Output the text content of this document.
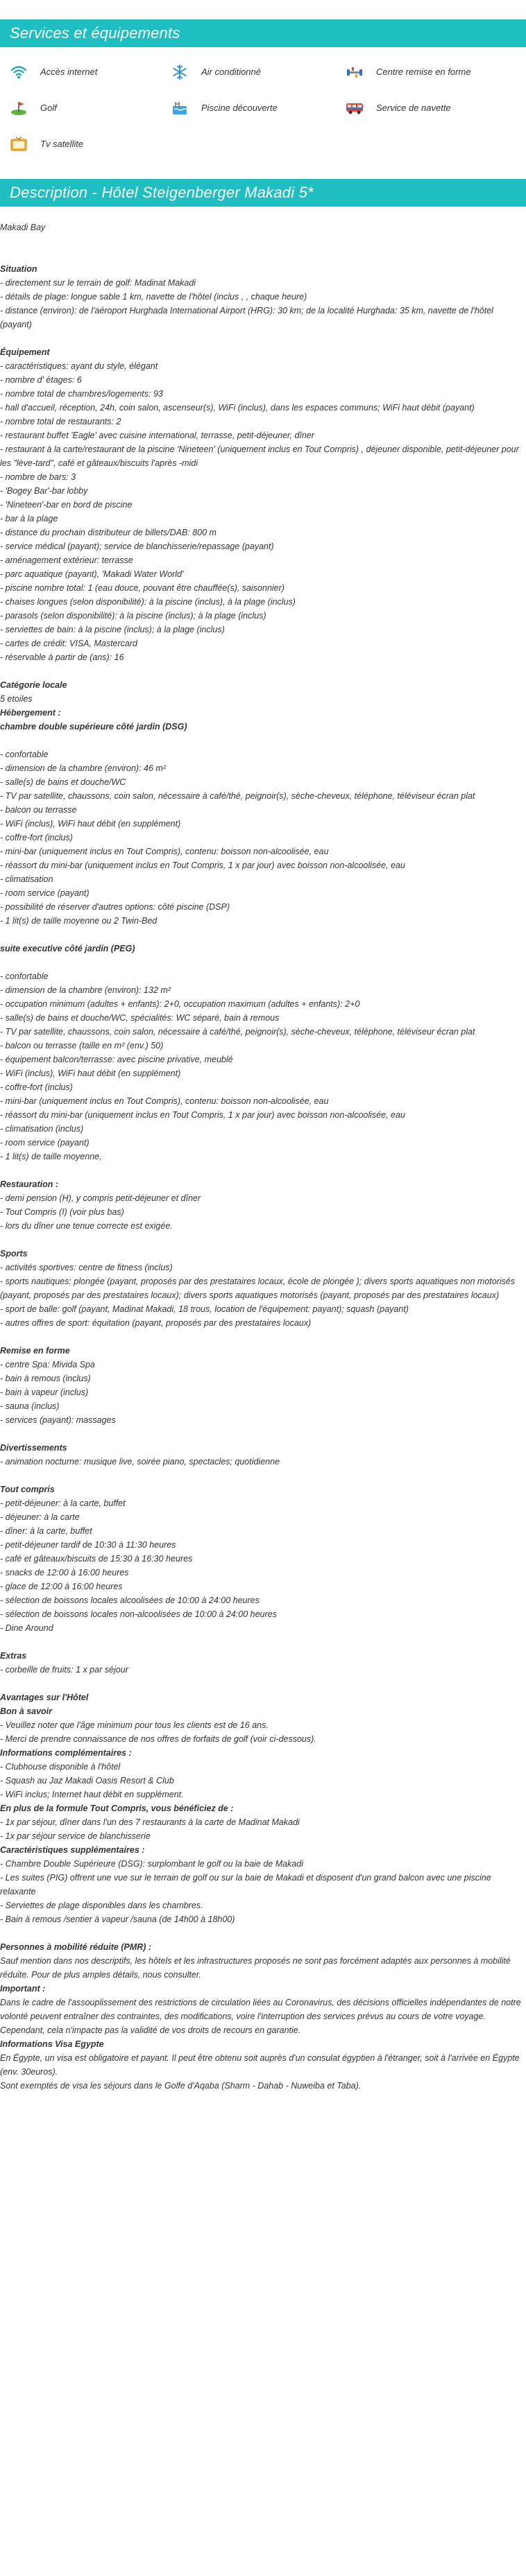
Services et équipements
Accès internet	Air conditionné	Centre remise en forme
Golf	Piscine découverte	Service de navette
Tv satellite
Description - Hôtel Steigenberger Makadi 5*

Makadi Bay

Situation

- directement sur le terrain de golf: Madinat Makadi

- détails de plage: longue sable 1 km, navette de l'hôtel (inclus , , chaque heure)

- distance (environ): de l'aéroport Hurghada International Airport (HRG): 30 km; de la localité Hurghada: 35 km, navette de l'hôtel (payant)

Équipement

- caractéristiques: ayant du style, élégant

- nombre d' étages: 6

- nombre total de chambres/logements: 93

- hall d'accueil, réception, 24h, coin salon, ascenseur(s), WiFi (inclus), dans les espaces communs; WiFi haut débit (payant)

- nombre total de restaurants: 2

- restaurant buffet 'Eagle' avec cuisine international, terrasse, petit-déjeuner, dîner

- restaurant à la carte/restaurant de la piscine 'Nineteen' (uniquement inclus en Tout Compris) , déjeuner disponible, petit-déjeuner pour les "lève-tard", café et gâteaux/biscuits l'après -midi

- nombre de bars: 3

- 'Bogey Bar'-bar lobby

- 'Nineteen'-bar en bord de piscine

- bar à la plage

- distance du prochain distributeur de billets/DAB: 800 m

- service médical (payant); service de blanchisserie/repassage (payant)

- aménagement extérieur: terrasse

- parc aquatique (payant), 'Makadi Water World'

- piscine nombre total: 1 (eau douce, pouvant être chauffée(s), saisonnier)

- chaises longues (selon disponibilité): à la piscine (inclus), à la plage (inclus)

- parasols (selon disponibilité): à la piscine (inclus); à la plage (inclus)

- serviettes de bain: à la piscine (inclus); à la plage (inclus)

- cartes de crédit: VISA, Mastercard

- réservable à partir de (ans): 16

Catégorie locale

5 etoiles

Hébergement :

chambre double supérieure côté jardin (DSG)

- confortable

- dimension de la chambre (environ): 46 m²

- salle(s) de bains et douche/WC

- TV par satellite, chaussons, coin salon, nécessaire à café/thé, peignoir(s), sèche-cheveux, téléphone, téléviseur écran plat

- balcon ou terrasse

- WiFi (inclus), WiFi haut débit (en supplément)

- coffre-fort (inclus)

- mini-bar (uniquement inclus en Tout Compris), contenu: boisson non-alcoolisée, eau

- réassort du mini-bar (uniquement inclus en Tout Compris, 1 x par jour) avec boisson non-alcoolisée, eau

- climatisation

- room service (payant)

- possibilité de réserver d'autres options: côté piscine (DSP)

- 1 lit(s) de taille moyenne ou 2 Twin-Bed

suite executive côté jardin (PEG)

- confortable

- dimension de la chambre (environ): 132 m²

- occupation minimum (adultes + enfants): 2+0, occupation maximum (adultes + enfants): 2+0

- salle(s) de bains et douche/WC, spécialités: WC séparé, bain à remous

- TV par satellite, chaussons, coin salon, nécessaire à café/thé, peignoir(s), sèche-cheveux, téléphone, téléviseur écran plat

- balcon ou terrasse (taille en m² (env.) 50)

- équipement balcon/terrasse: avec piscine privative, meublé

- WiFi (inclus), WiFi haut débit (en supplément)

- coffre-fort (inclus)

- mini-bar (uniquement inclus en Tout Compris), contenu: boisson non-alcoolisée, eau

- réassort du mini-bar (uniquement inclus en Tout Compris, 1 x par jour) avec boisson non-alcoolisée, eau

- climatisation (inclus)

- room service (payant)

- 1 lit(s) de taille moyenne,

Restauration :

- demi pension (H), y compris petit-déjeuner et dîner

- Tout Compris (I) (voir plus bas)

- lors du dîner une tenue correcte est exigée.

Sports

- activités sportives: centre de fitness (inclus)

- sports nautiques: plongée (payant, proposés par des prestataires locaux, école de plongée ); divers sports aquatiques non motorisés (payant, proposés par des prestataires locaux); divers sports aquatiques motorisés (payant, proposés par des prestataires locaux)

- sport de balle: golf (payant, Madinat Makadi, 18 trous, location de l'équipement: payant); squash (payant)

- autres offres de sport: équitation (payant, proposés par des prestataires locaux)

Remise en forme

- centre Spa: Mivida Spa

- bain à remous (inclus)

- bain à vapeur (inclus)

- sauna (inclus)

- services (payant): massages

Divertissements

- animation nocturne: musique live, soirée piano, spectacles; quotidienne

Tout compris

- petit-déjeuner: à la carte, buffet

- déjeuner: à la carte

- dîner: à la carte, buffet

- petit-déjeuner tardif de 10:30 à 11:30 heures

- café et gâteaux/biscuits de 15:30 à 16:30 heures

- snacks de 12:00 à 16:00 heures

- glace de 12:00 à 16:00 heures

- sélection de boissons locales alcoolisées de 10:00 à 24:00 heures

- sélection de boissons locales non-alcoolisées de 10:00 à 24:00 heures

- Dine Around

Extras

- corbeille de fruits: 1 x par séjour

Avantages sur l'Hôtel

Bon à savoir

- Veuillez noter que l'âge minimum pour tous les clients est de 16 ans.

- Merci de prendre connaissance de nos offres de forfaits de golf (voir ci-dessous).

Informations complémentaires :

- Clubhouse disponible à l'hôtel

- Squash au Jaz Makadi Oasis Resort & Club

- WiFi inclus; Internet haut débit en supplément.

En plus de la formule Tout Compris, vous bénéficiez de :

- 1x par séjour, dîner dans l'un des 7 restaurants à la carte de Madinat Makadi

- 1x par séjour service de blanchisserie

Caractéristiques supplémentaires :

- Chambre Double Supérieure (DSG): surplombant le golf ou la baie de Makadi

- Les suites (PIG) offrent une vue sur le terrain de golf ou sur la baie de Makadi et disposent d'un grand balcon avec une piscine relaxante

- Serviettes de plage disponibles dans les chambres.

- Bain à remous /sentier à vapeur /sauna (de 14h00 à 18h00)

Personnes à mobilité réduite (PMR) :

Sauf mention dans nos descriptifs, les hôtels et les infrastructures proposés ne sont pas forcément adaptés aux personnes à mobilité réduite. Pour de plus amples détails, nous consulter.

Important :

Dans le cadre de l'assouplissement des restrictions de circulation liées au Coronavirus, des décisions officielles indépendantes de notre volonté peuvent entraîner des contraintes, des modifications, voire l'interruption des services prévus au cours de votre voyage.

Cependant, cela n'impacte pas la validité de vos droits de recours en garantie.

Informations Visa Egypte

En Égypte, un visa est obligatoire et payant. Il peut être obtenu soit auprès d'un consulat égyptien à l'étranger, soit à l'arrivée en Égypte (env. 30euros).

Sont exemptés de visa les séjours dans le Golfe d'Aqaba (Sharm - Dahab - Nuweiba et Taba).
